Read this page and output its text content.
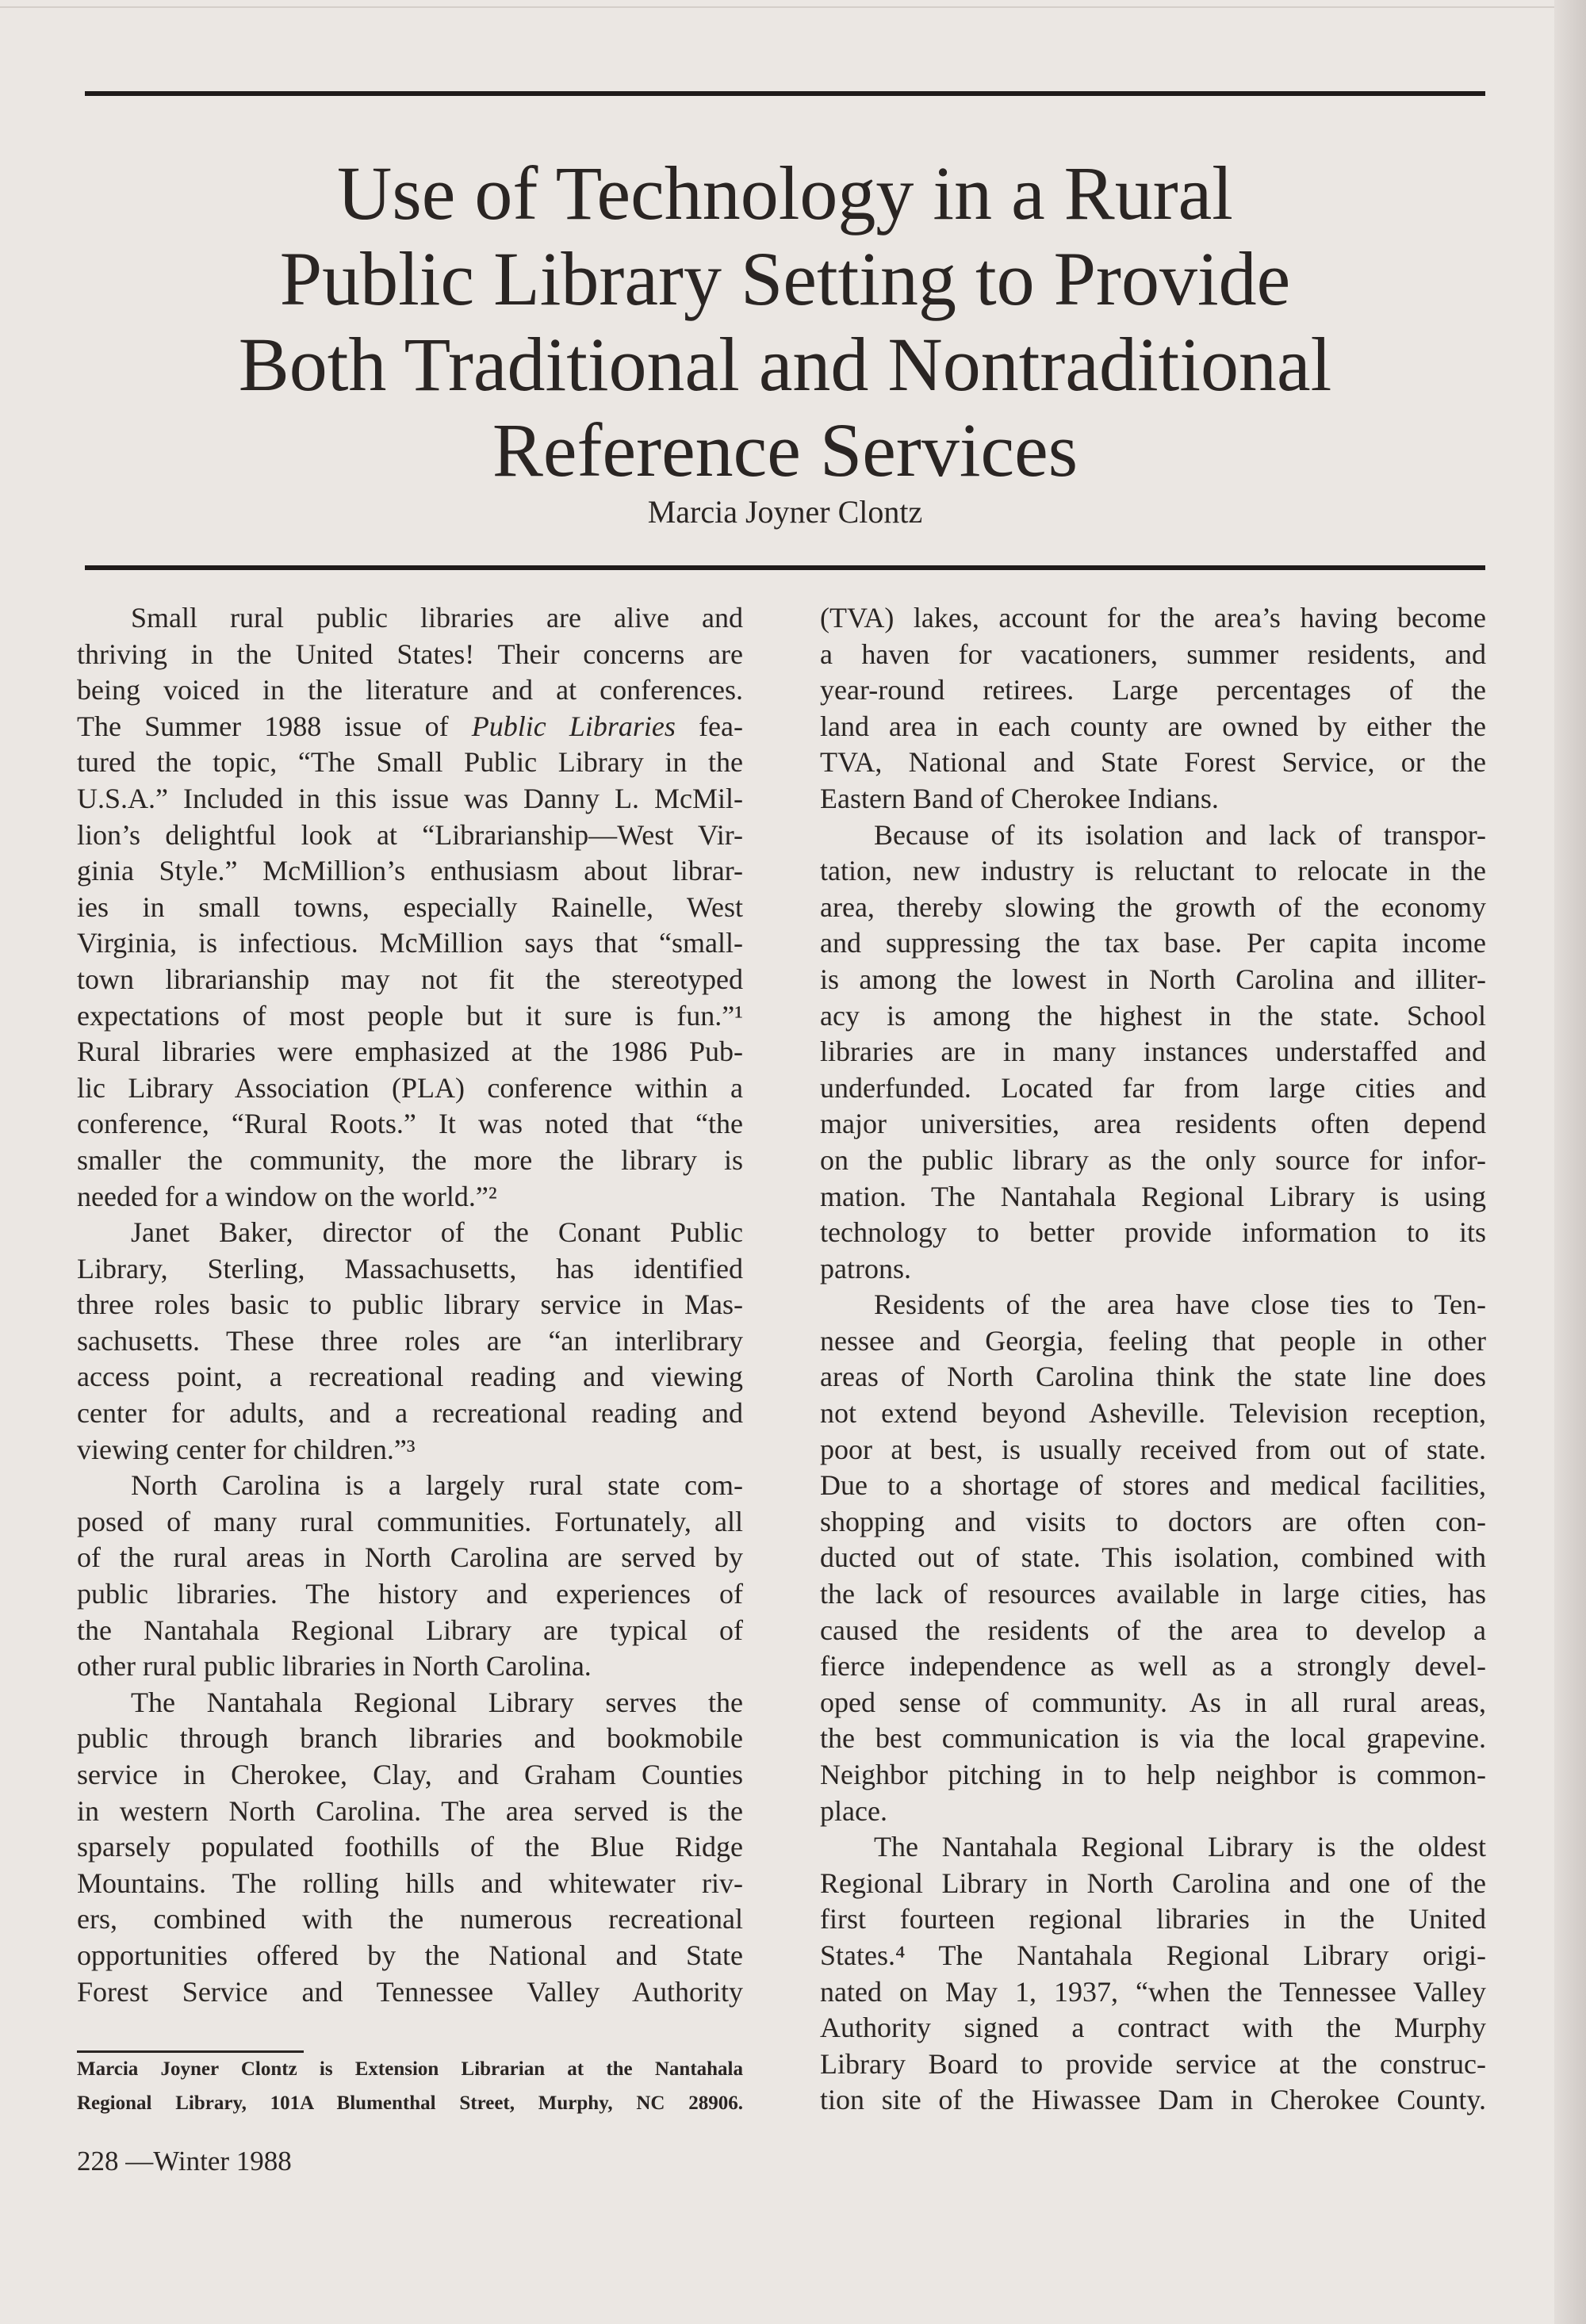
Use of Technology in a Rural
Public Library Setting to Provide
Both Traditional and Nontraditional
Reference Services
Marcia Joyner Clontz
Small rural public libraries are alive and
thriving in the United States! Their concerns are
being voiced in the literature and at conferences.
The Summer 1988 issue of Public Libraries fea-
tured the topic, “The Small Public Library in the
U.S.A.” Included in this issue was Danny L. McMil-
lion’s delightful look at “Librarianship—West Vir-
ginia Style.” McMillion’s enthusiasm about librar-
ies in small towns, especially Rainelle, West
Virginia, is infectious. McMillion says that “small-
town librarianship may not fit the stereotyped
expectations of most people but it sure is fun.”¹
Rural libraries were emphasized at the 1986 Pub-
lic Library Association (PLA) conference within a
conference, “Rural Roots.” It was noted that “the
smaller the community, the more the library is
needed for a window on the world.”²
Janet Baker, director of the Conant Public
Library, Sterling, Massachusetts, has identified
three roles basic to public library service in Mas-
sachusetts. These three roles are “an interlibrary
access point, a recreational reading and viewing
center for adults, and a recreational reading and
viewing center for children.”³
North Carolina is a largely rural state com-
posed of many rural communities. Fortunately, all
of the rural areas in North Carolina are served by
public libraries. The history and experiences of
the Nantahala Regional Library are typical of
other rural public libraries in North Carolina.
The Nantahala Regional Library serves the
public through branch libraries and bookmobile
service in Cherokee, Clay, and Graham Counties
in western North Carolina. The area served is the
sparsely populated foothills of the Blue Ridge
Mountains. The rolling hills and whitewater riv-
ers, combined with the numerous recreational
opportunities offered by the National and State
Forest Service and Tennessee Valley Authority
(TVA) lakes, account for the area’s having become
a haven for vacationers, summer residents, and
year-round retirees. Large percentages of the
land area in each county are owned by either the
TVA, National and State Forest Service, or the
Eastern Band of Cherokee Indians.
Because of its isolation and lack of transpor-
tation, new industry is reluctant to relocate in the
area, thereby slowing the growth of the economy
and suppressing the tax base. Per capita income
is among the lowest in North Carolina and illiter-
acy is among the highest in the state. School
libraries are in many instances understaffed and
underfunded. Located far from large cities and
major universities, area residents often depend
on the public library as the only source for infor-
mation. The Nantahala Regional Library is using
technology to better provide information to its
patrons.
Residents of the area have close ties to Ten-
nessee and Georgia, feeling that people in other
areas of North Carolina think the state line does
not extend beyond Asheville. Television reception,
poor at best, is usually received from out of state.
Due to a shortage of stores and medical facilities,
shopping and visits to doctors are often con-
ducted out of state. This isolation, combined with
the lack of resources available in large cities, has
caused the residents of the area to develop a
fierce independence as well as a strongly devel-
oped sense of community. As in all rural areas,
the best communication is via the local grapevine.
Neighbor pitching in to help neighbor is common-
place.
The Nantahala Regional Library is the oldest
Regional Library in North Carolina and one of the
first fourteen regional libraries in the United
States.⁴ The Nantahala Regional Library origi-
nated on May 1, 1937, “when the Tennessee Valley
Authority signed a contract with the Murphy
Library Board to provide service at the construc-
tion site of the Hiwassee Dam in Cherokee County.
Marcia Joyner Clontz is Extension Librarian at the Nantahala
Regional Library, 101A Blumenthal Street, Murphy, NC 28906.
228 —Winter 1988
